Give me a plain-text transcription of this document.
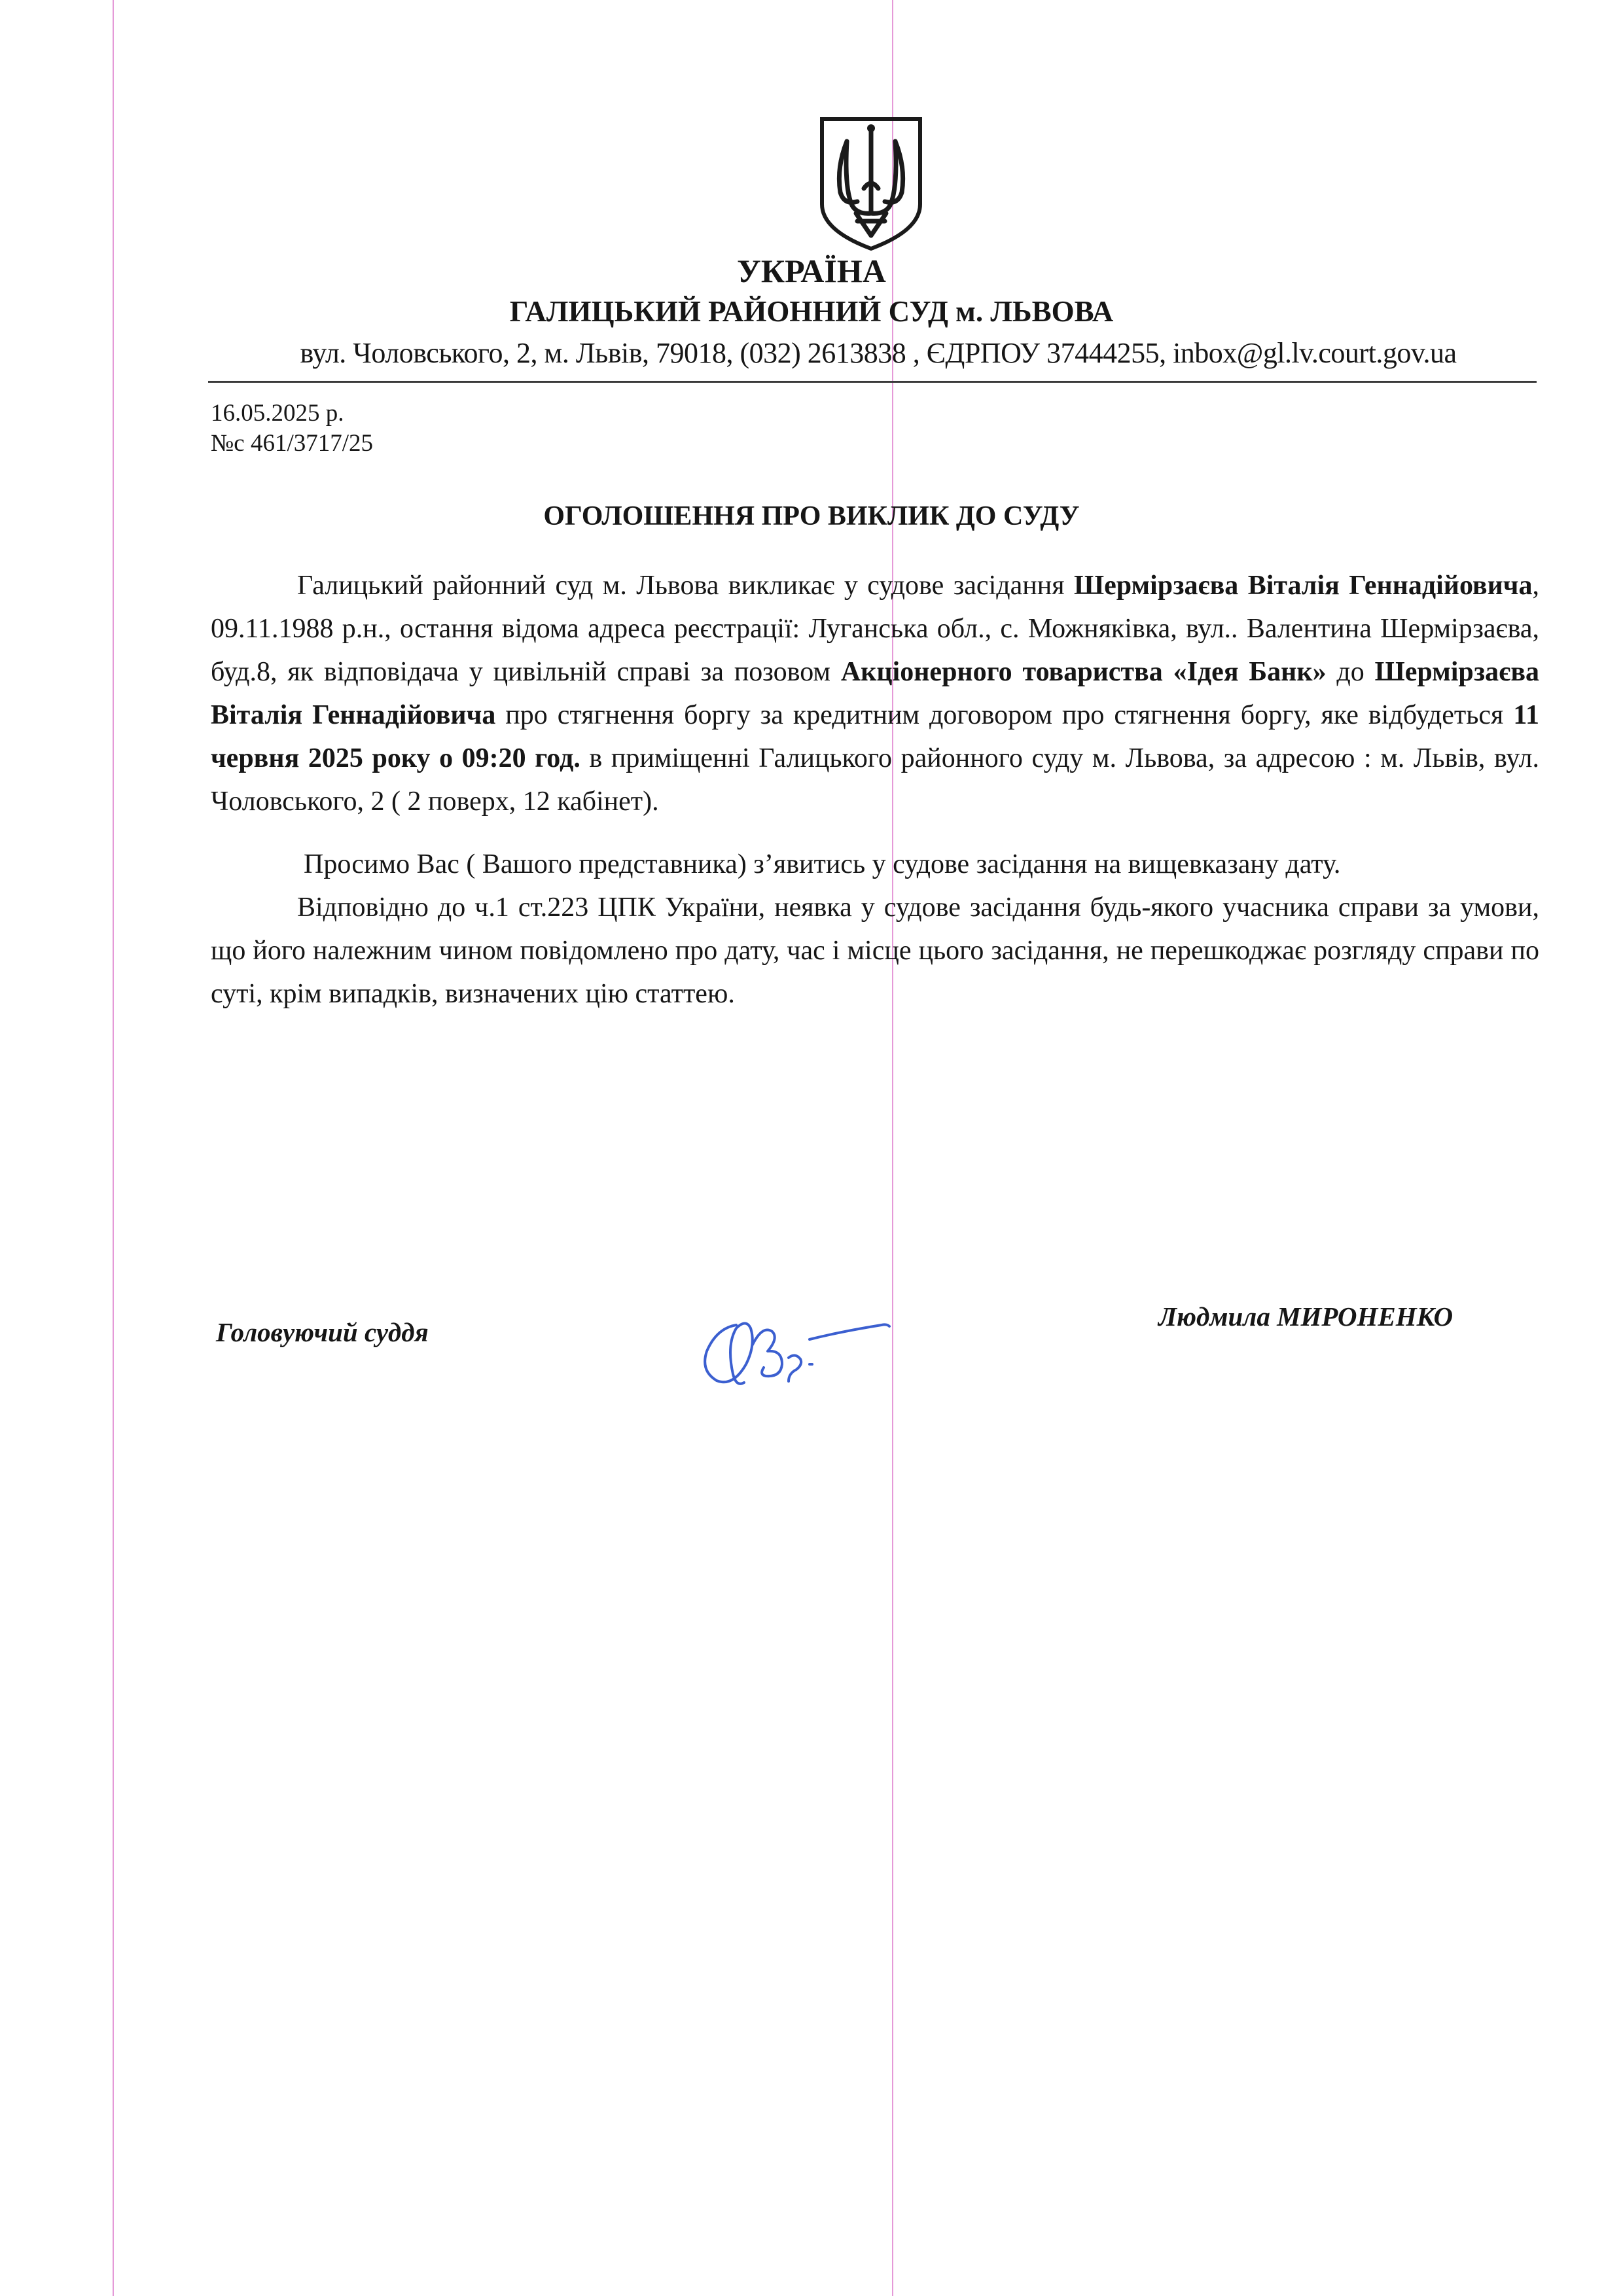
УКРАЇНА

ГАЛИЦЬКИЙ РАЙОННИЙ СУД м. ЛЬВОВА

вул. Чоловського, 2, м. Львів, 79018, (032) 2613838 , ЄДРПОУ 37444255, inbox@gl.lv.court.gov.ua

16.05.2025 р.

№с 461/3717/25

ОГОЛОШЕННЯ ПРО ВИКЛИК ДО СУДУ

Галицький районний суд м. Львова викликає у судове засідання Шермірзаєва Віталія Геннадійовича, 09.11.1988 р.н., остання відома адреса реєстрації: Луганська обл., с. Можняківка, вул.. Валентина Шермірзаєва, буд.8, як відповідача у цивільній справі за позовом Акціонерного товариства «Ідея Банк» до Шермірзаєва Віталія Геннадійовича про стягнення боргу за кредитним договором про стягнення боргу, яке відбудеться 11 червня 2025 року о 09:20 год. в приміщенні Галицького районного суду м. Львова, за адресою : м. Львів, вул. Чоловського, 2 ( 2 поверх, 12 кабінет).

Просимо Вас ( Вашого представника) з’явитись у судове засідання на вищевказану дату.

Відповідно до ч.1 ст.223 ЦПК України, неявка у судове засідання будь-якого учасника справи за умови, що його належним чином повідомлено про дату, час і місце цього засідання, не перешкоджає розгляду справи по суті, крім випадків, визначених цію статтею.

Головуючий суддя

Людмила МИРОНЕНКО
